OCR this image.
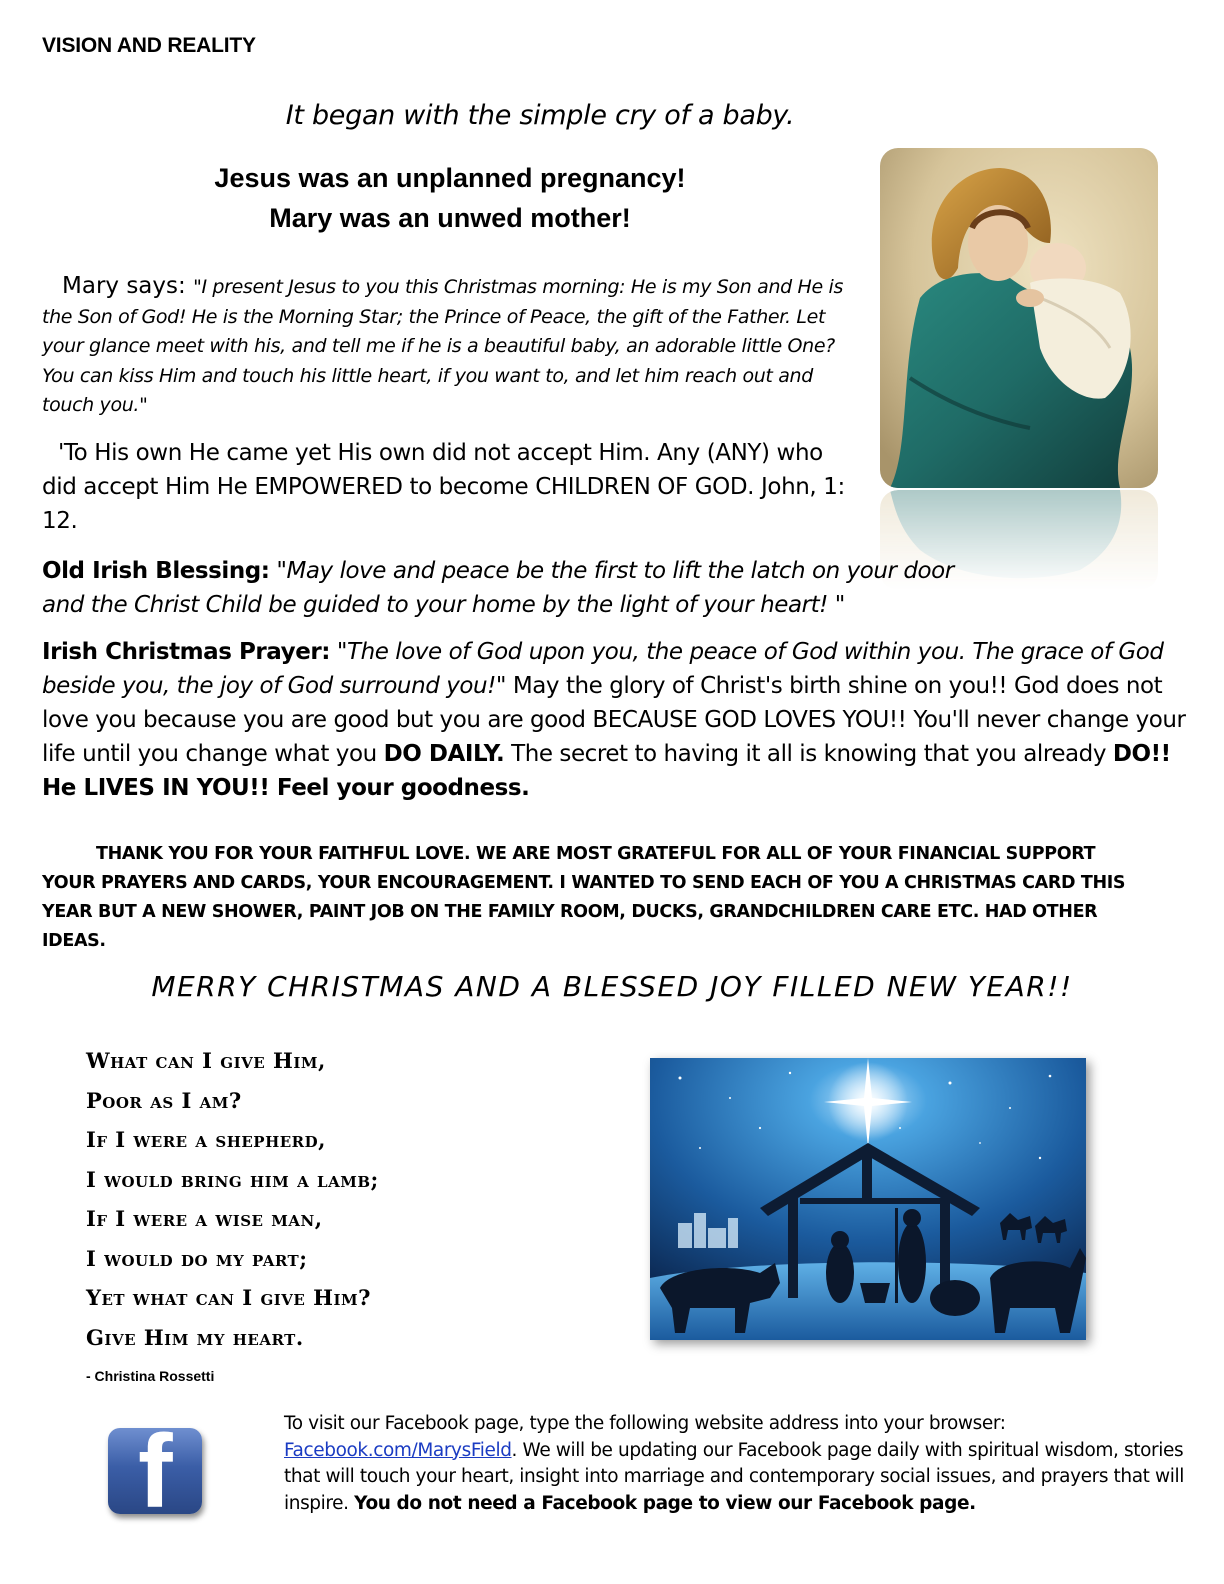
VISION AND REALITY
It began with the simple cry of a baby.
Jesus was an unplanned pregnancy!
Mary was an unwed mother!
Mary says: "I present Jesus to you this Christmas morning: He is my Son and He is the Son of God! He is the Morning Star; the Prince of Peace, the gift of the Father. Let your glance meet with his, and tell me if he is a beautiful baby, an adorable little One? You can kiss Him and touch his little heart, if you want to, and let him reach out and touch you."
'To His own He came yet His own did not accept Him. Any (ANY) who did accept Him He EMPOWERED to become CHILDREN OF GOD. John, 1: 12.
Old Irish Blessing: "May love and peace be the first to lift the latch on your door and the Christ Child be guided to your home by the light of your heart! "
Irish Christmas Prayer: "The love of God upon you, the peace of God within you. The grace of God beside you, the joy of God surround you!" May the glory of Christ's birth shine on you!! God does not love you because you are good but you are good BECAUSE GOD LOVES YOU!! You'll never change your life until you change what you DO DAILY. The secret to having it all is knowing that you already DO!! He LIVES IN YOU!! Feel your goodness.
THANK YOU FOR YOUR FAITHFUL LOVE. WE ARE MOST GRATEFUL FOR ALL OF YOUR FINANCIAL SUPPORT YOUR PRAYERS AND CARDS, YOUR ENCOURAGEMENT. I WANTED TO SEND EACH OF YOU A CHRISTMAS CARD THIS YEAR BUT A NEW SHOWER, PAINT JOB ON THE FAMILY ROOM, DUCKS, GRANDCHILDREN CARE ETC. HAD OTHER IDEAS.
MERRY CHRISTMAS AND A BLESSED JOY FILLED NEW YEAR!!
What can I give Him,
Poor as I am?
If I were a shepherd,
I would bring him a lamb;
If I were a wise man,
I would do my part;
Yet what can I give Him?
Give Him my heart.
- Christina Rossetti
f	To visit our Facebook page, type the following website address into your browser:
Facebook.com/MarysField. We will be updating our Facebook page daily with spiritual wisdom, stories that will touch your heart, insight into marriage and contemporary social issues, and prayers that will inspire. You do not need a Facebook page to view our Facebook page.
